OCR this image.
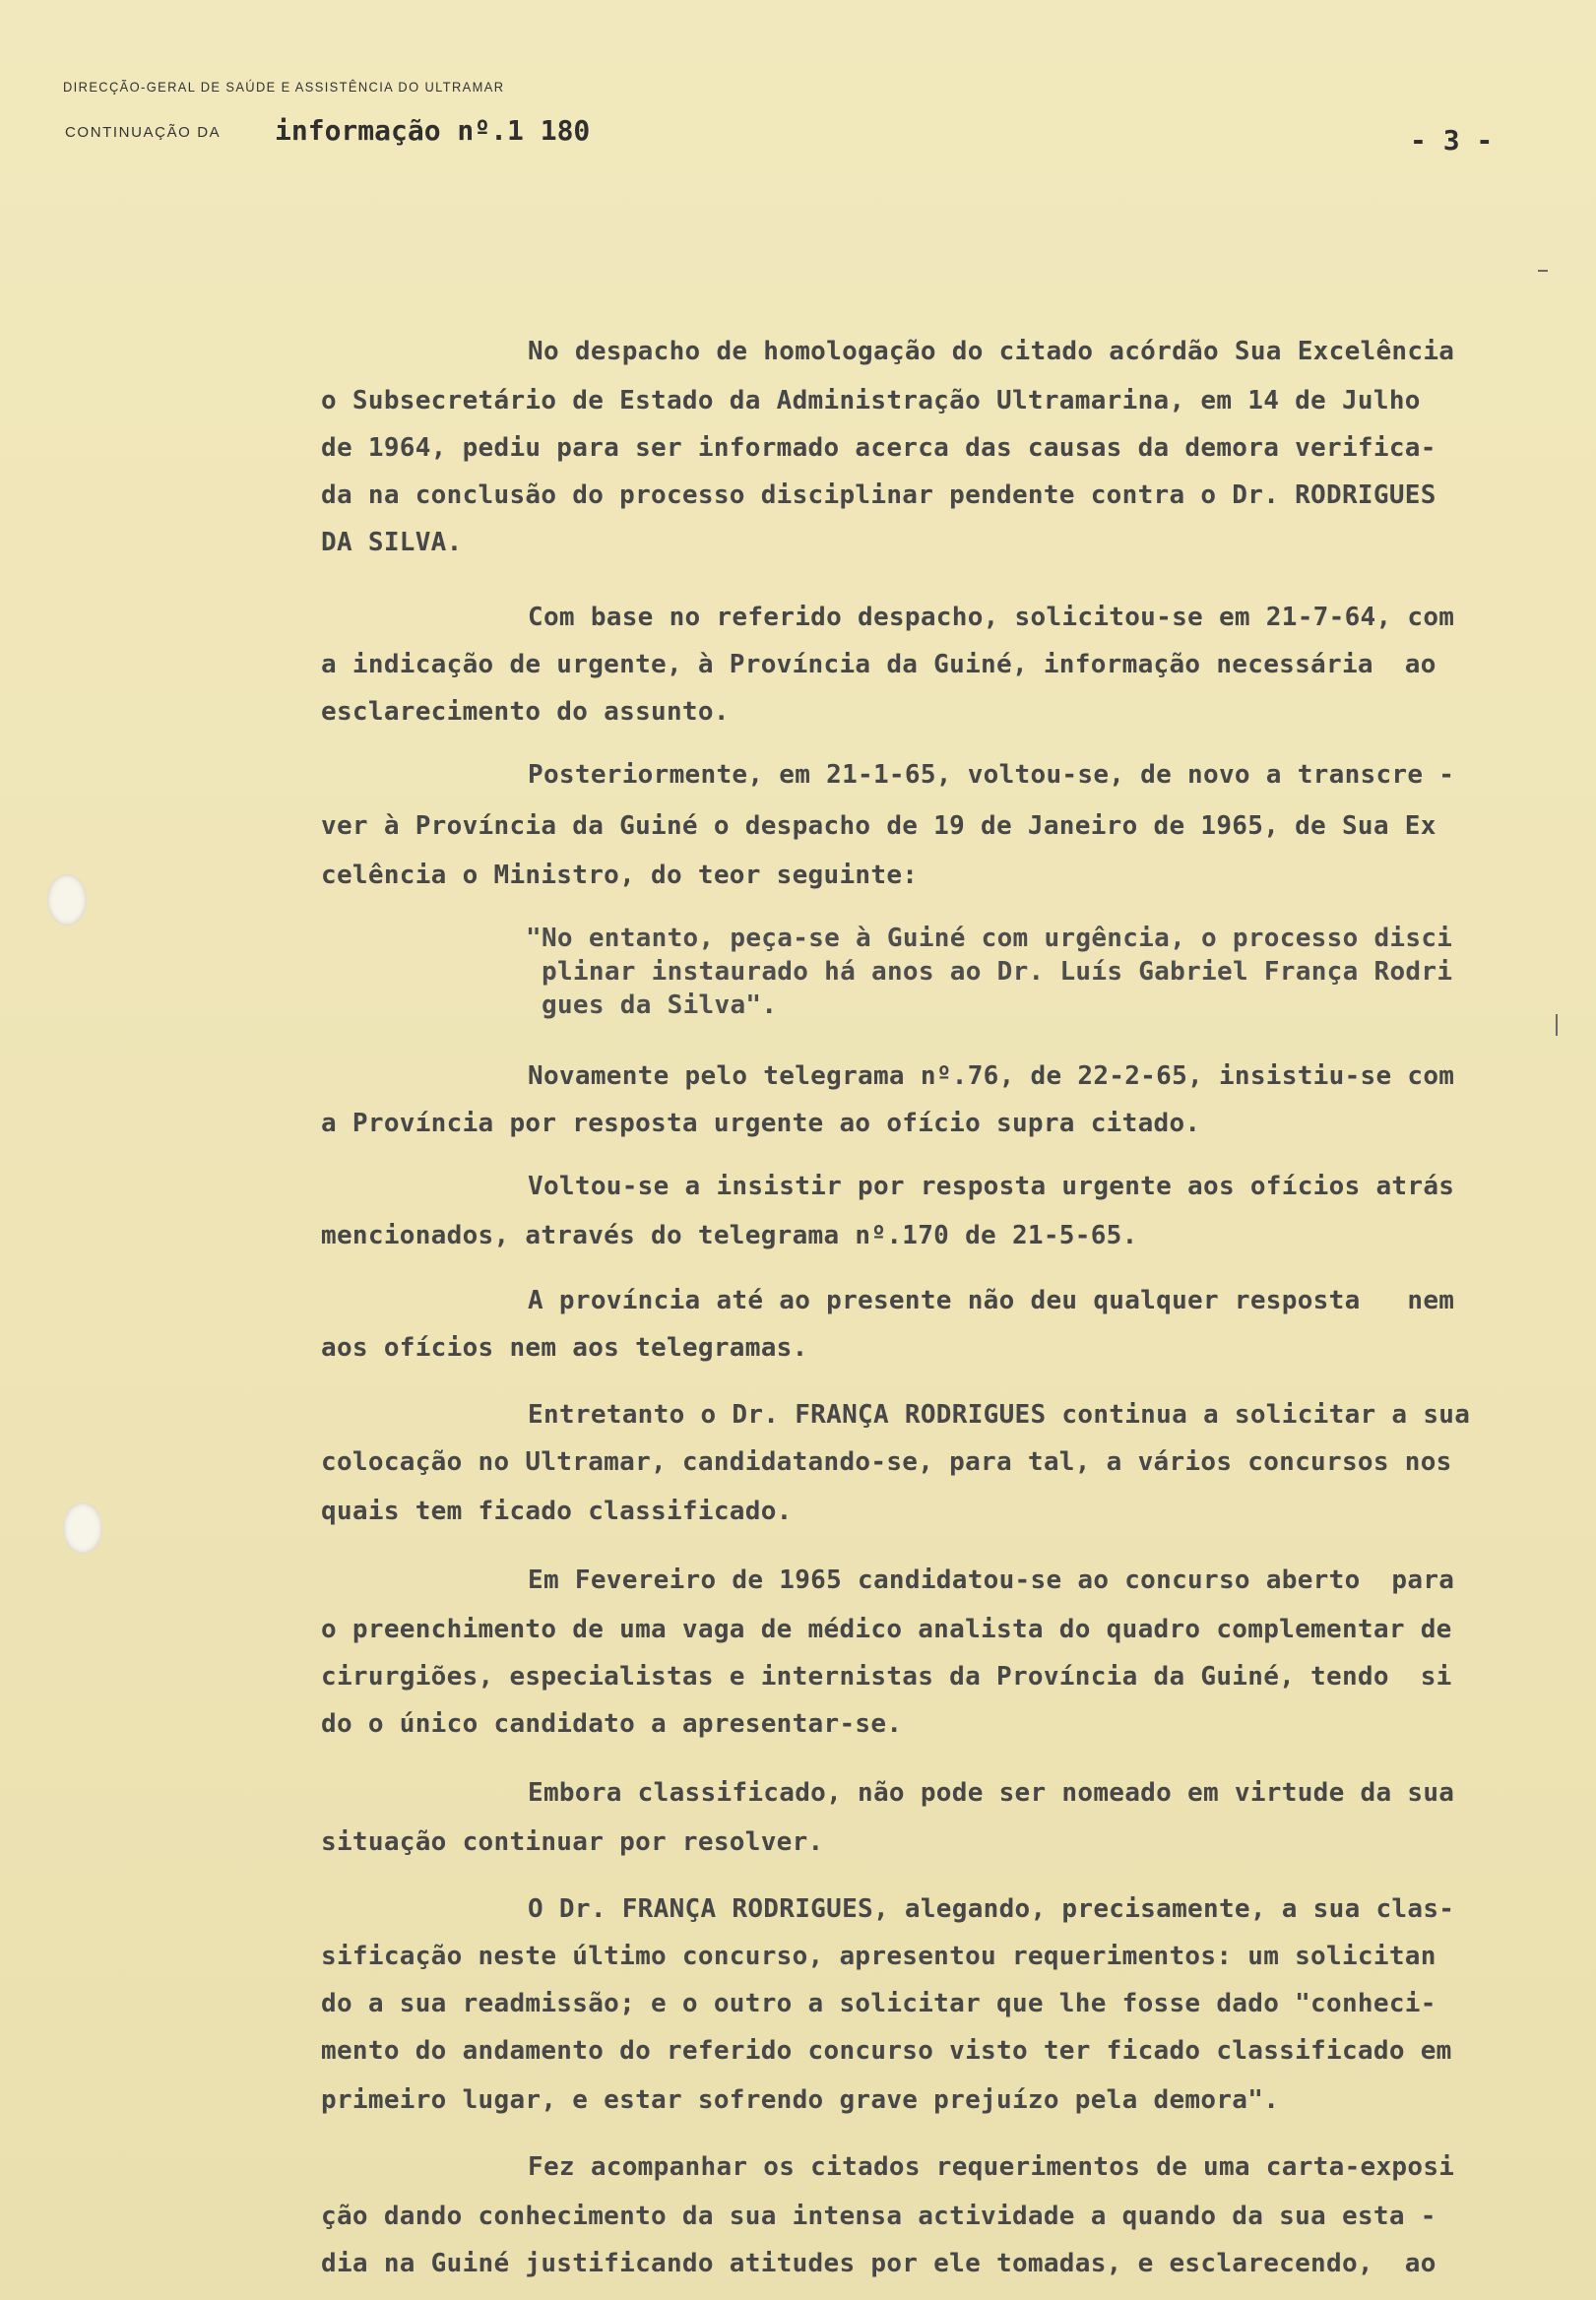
DIRECÇÃO-GERAL DE SAÚDE E ASSISTÊNCIA DO ULTRAMAR
CONTINUAÇÃO DA informação nº.1 180	- 3 -
No despacho de homologação do citado acórdão Sua Excelência
o Subsecretário de Estado da Administração Ultramarina, em 14 de Julho
de 1964, pediu para ser informado acerca das causas da demora verifica-
da na conclusão do processo disciplinar pendente contra o Dr. RODRIGUES
DA SILVA.
Com base no referido despacho, solicitou-se em 21-7-64, com
a indicação de urgente, à Província da Guiné, informação necessária  ao
esclarecimento do assunto.
Posteriormente, em 21-1-65, voltou-se, de novo a transcre -
ver à Província da Guiné o despacho de 19 de Janeiro de 1965, de Sua Ex
celência o Ministro, do teor seguinte:
"No entanto, peça-se à Guiné com urgência, o processo disci
plinar instaurado há anos ao Dr. Luís Gabriel França Rodri
gues da Silva".
Novamente pelo telegrama nº.76, de 22-2-65, insistiu-se com
a Província por resposta urgente ao ofício supra citado.
Voltou-se a insistir por resposta urgente aos ofícios atrás
mencionados, através do telegrama nº.170 de 21-5-65.
A província até ao presente não deu qualquer resposta   nem
aos ofícios nem aos telegramas.
Entretanto o Dr. FRANÇA RODRIGUES continua a solicitar a sua
colocação no Ultramar, candidatando-se, para tal, a vários concursos nos
quais tem ficado classificado.
Em Fevereiro de 1965 candidatou-se ao concurso aberto  para
o preenchimento de uma vaga de médico analista do quadro complementar de
cirurgiões, especialistas e internistas da Província da Guiné, tendo  si
do o único candidato a apresentar-se.
Embora classificado, não pode ser nomeado em virtude da sua
situação continuar por resolver.
O Dr. FRANÇA RODRIGUES, alegando, precisamente, a sua clas-
sificação neste último concurso, apresentou requerimentos: um solicitan
do a sua readmissão; e o outro a solicitar que lhe fosse dado "conheci-
mento do andamento do referido concurso visto ter ficado classificado em
primeiro lugar, e estar sofrendo grave prejuízo pela demora".
Fez acompanhar os citados requerimentos de uma carta-exposi
ção dando conhecimento da sua intensa actividade a quando da sua esta -
dia na Guiné justificando atitudes por ele tomadas, e esclarecendo,  ao
